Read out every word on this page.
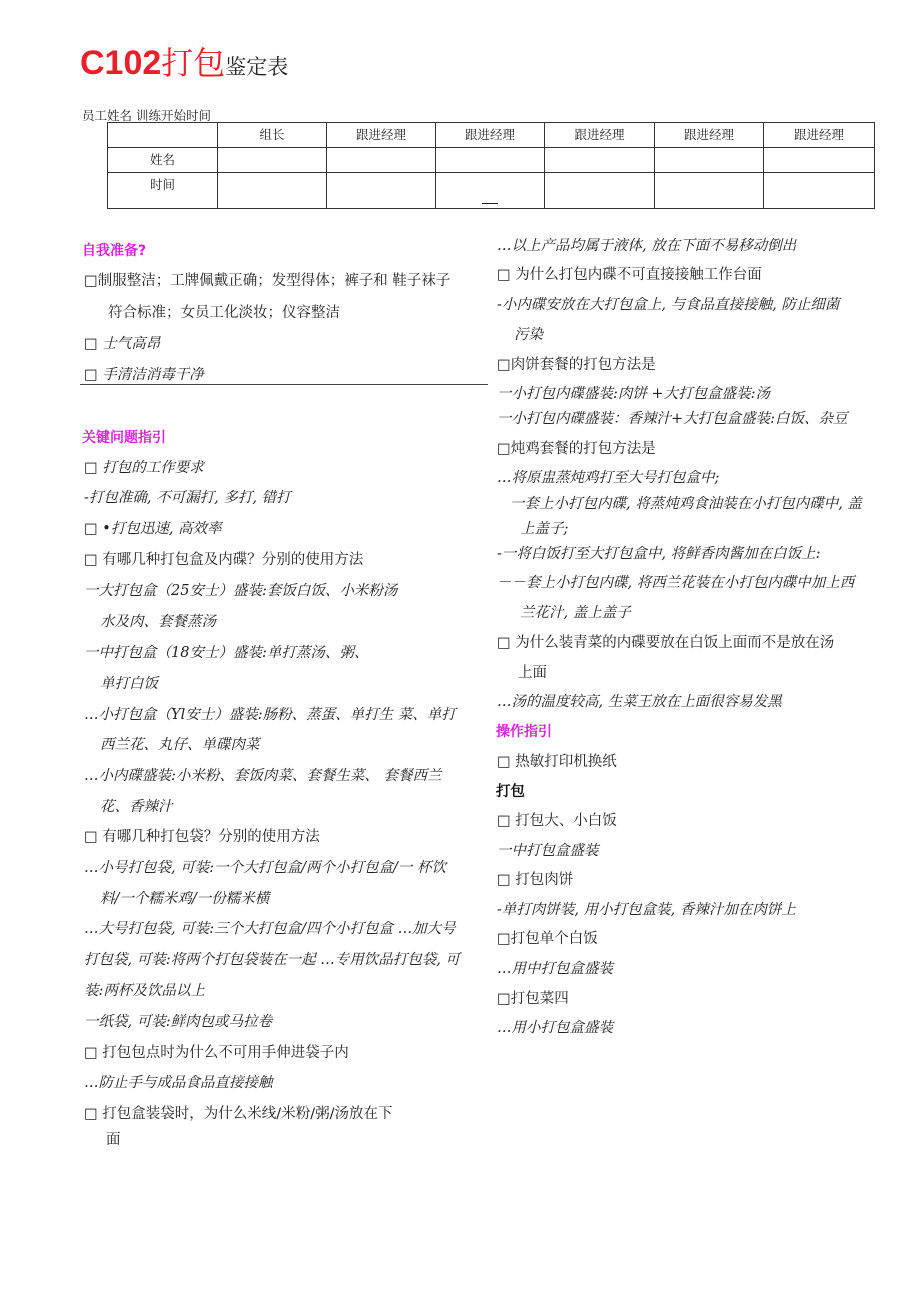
C102打包鉴定表
员工姓名 训练开始时间
	组长	跟进经理	跟进经理	跟进经理	跟进经理	跟进经理
姓名						
时间			

自我准备?
□制服整洁；工牌佩戴正确；发型得体；裤子和 鞋子袜子
符合标准；女员工化淡妆；仪容整洁
□ 士气高昂
□ 手清洁消毒干净
关键问题指引
□ 打包的工作要求
-打包准确, 不可漏打, 多打, 错打
□ •打包迅速, 高效率
□ 有哪几种打包盒及内碟？分别的使用方法
一大打包盒（25安士）盛装:套饭白饭、小米粉汤
水及肉、套餐蒸汤
一中打包盒（18安士）盛装:单打蒸汤、粥、
单打白饭
…小打包盒（Yl安士）盛装:肠粉、蒸蛋、单打生 菜、单打
西兰花、丸仔、单碟肉菜
…小内碟盛装:小米粉、套饭肉菜、套餐生菜、 套餐西兰
花、香辣汁
□ 有哪几种打包袋？分别的使用方法
…小号打包袋, 可装:一个大打包盒/两个小打包盒/一 杯饮
料/一个糯米鸡/一份糯米横
…大号打包袋, 可装:三个大打包盒/四个小打包盒 …加大号
打包袋, 可装:将两个打包袋装在一起 …专用饮品打包袋, 可
装:两杯及饮品以上
一纸袋, 可装:鲜肉包或马拉卷
□ 打包包点时为什么不可用手伸进袋子内
…防止手与成品食品直接接触
□ 打包盒装袋时，为什么米线/米粉/粥/汤放在下
面
…以上产品均属于液体, 放在下面不易移动倒出
□ 为什么打包内碟不可直接接触工作台面
-小内碟安放在大打包盒上, 与食品直接接触, 防止细菌
污染
□肉饼套餐的打包方法是
一小打包内碟盛装:肉饼 +大打包盒盛装:汤
一小打包内碟盛装：香辣汁+大打包盒盛装:白饭、杂豆
□炖鸡套餐的打包方法是
…将原盅蒸炖鸡打至大号打包盒中;
一套上小打包内碟, 将蒸炖鸡食油装在小打包内碟中, 盖
上盖子;
-一将白饭打至大打包盒中, 将鲜香肉酱加在白饭上:
－－套上小打包内碟, 将西兰花装在小打包内碟中加上西
兰花汁, 盖上盖子
□ 为什么装青菜的内碟要放在白饭上面而不是放在汤
上面
…汤的温度较高, 生菜王放在上面很容易发黑
操作指引
□ 热敏打印机换纸
打包
□ 打包大、小白饭
一中打包盒盛装
□ 打包肉饼
-单打肉饼装, 用小打包盒装, 香辣汁加在肉饼上
□打包单个白饭
…用中打包盒盛装
□打包菜四
…用小打包盒盛装
